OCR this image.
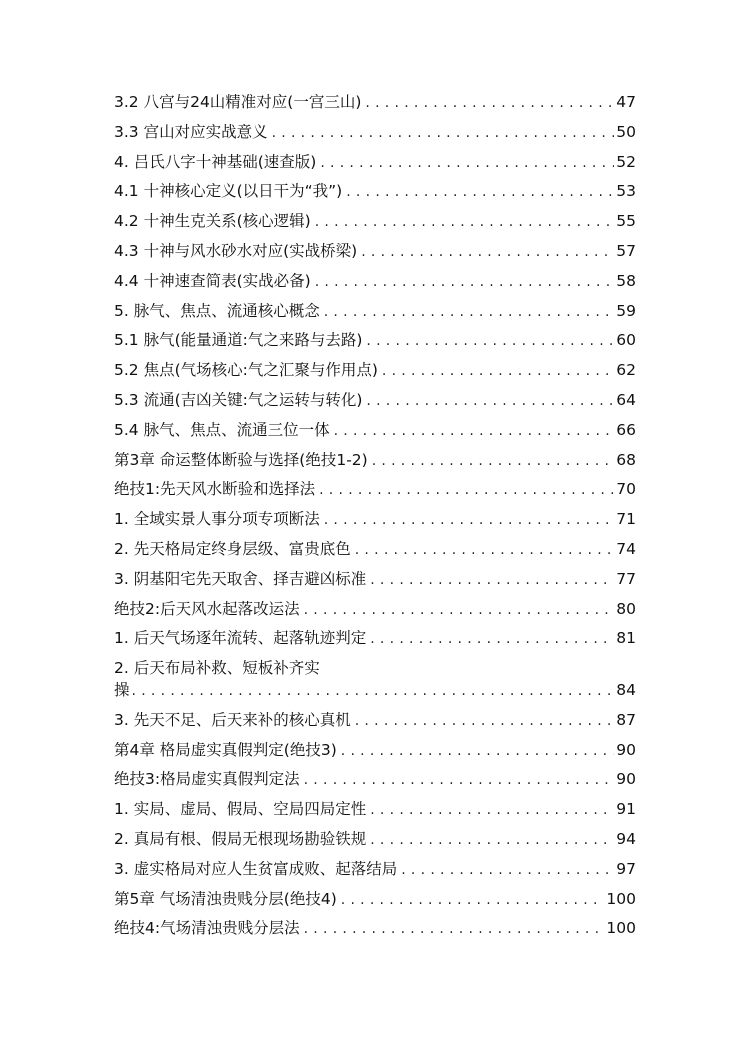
3.2 八宫与24山精准对应(一宫三山) . . .	47
3.3 宫山对应实战意义 . . .	50
4. 吕氏八字十神基础(速查版) . . .	52
4.1 十神核心定义(以日干为“我”) . . .	53
4.2 十神生克关系(核心逻辑) . . .	55
4.3 十神与风水砂水对应(实战桥梁) . . .	57
4.4 十神速查简表(实战必备) . . .	58
5. 脉气、焦点、流通核心概念 . . .	59
5.1 脉气(能量通道:气之来路与去路) . . .	60
5.2 焦点(气场核心:气之汇聚与作用点) . . .	62
5.3 流通(吉凶关键:气之运转与转化) . . .	64
5.4 脉气、焦点、流通三位一体 . . .	66
第3章 命运整体断验与选择(绝技1-2) . . .	68
绝技1:先天风水断验和选择法 . . .	70
1. 全域实景人事分项专项断法 . . .	71
2. 先天格局定终身层级、富贵底色 . . .	74
3. 阴基阳宅先天取舍、择吉避凶标准 . . .	77
绝技2:后天风水起落改运法 . . .	80
1. 后天气场逐年流转、起落轨迹判定 . . .	81
2. 后天布局补救、短板补齐实
操 . . .	84
3. 先天不足、后天来补的核心真机 . . .	87
第4章 格局虚实真假判定(绝技3) . . .	90
绝技3:格局虚实真假判定法 . . .	90
1. 实局、虚局、假局、空局四局定性 . . .	91
2. 真局有根、假局无根现场勘验铁规 . . .	94
3. 虚实格局对应人生贫富成败、起落结局 . . .	97
第5章 气场清浊贵贱分层(绝技4) . . .	100
绝技4:气场清浊贵贱分层法 . . .	100
